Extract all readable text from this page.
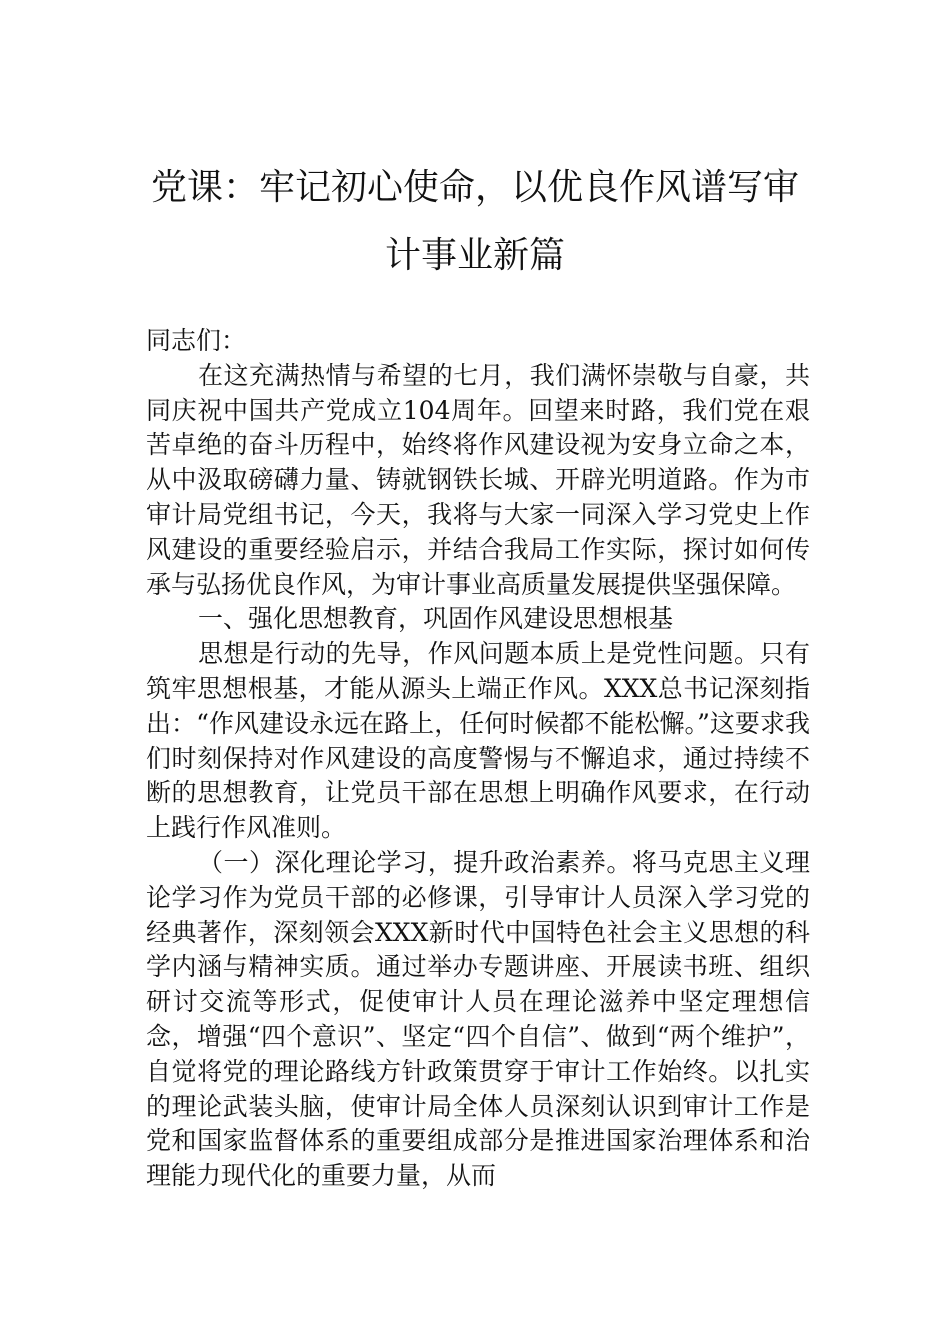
党课：牢记初心使命，以优良作风谱写审
计事业新篇

同志们：

在这充满热情与希望的七月，我们满怀崇敬与自豪，共同庆祝中国共产党成立104周年。回望来时路，我们党在艰苦卓绝的奋斗历程中，始终将作风建设视为安身立命之本，从中汲取磅礴力量、铸就钢铁长城、开辟光明道路。作为市审计局党组书记，今天，我将与大家一同深入学习党史上作风建设的重要经验启示，并结合我局工作实际，探讨如何传承与弘扬优良作风，为审计事业高质量发展提供坚强保障。

一、强化思想教育，巩固作风建设思想根基

思想是行动的先导，作风问题本质上是党性问题。只有筑牢思想根基，才能从源头上端正作风。XXX总书记深刻指出：“作风建设永远在路上，任何时候都不能松懈。”这要求我们时刻保持对作风建设的高度警惕与不懈追求，通过持续不断的思想教育，让党员干部在思想上明确作风要求，在行动上践行作风准则。

（一）深化理论学习，提升政治素养。将马克思主义理论学习作为党员干部的必修课，引导审计人员深入学习党的经典著作，深刻领会XXX新时代中国特色社会主义思想的科学内涵与精神实质。通过举办专题讲座、开展读书班、组织研讨交流等形式，促使审计人员在理论滋养中坚定理想信念，增强“四个意识”、坚定“四个自信”、做到“两个维护”，自觉将党的理论路线方针政策贯穿于审计工作始终。以扎实的理论武装头脑，使审计局全体人员深刻认识到审计工作是党和国家监督体系的重要组成部分是推进国家治理体系和治理能力现代化的重要力量，从而
